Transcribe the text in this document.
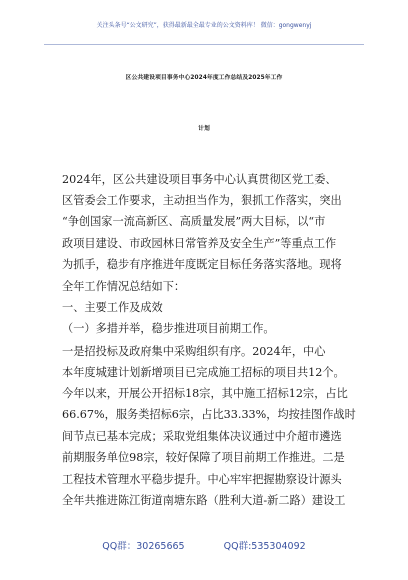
关注头条号“公文研究”，获得最新最全最专业的公文资料库！ 微信：gongwenyj
区公共建设项目事务中心2024年度工作总结及2025年工作
计划
2024年，区公共建设项目事务中心认真贯彻区党工委、
区管委会工作要求，主动担当作为，狠抓工作落实，突出
“争创国家一流高新区、高质量发展”两大目标，以“市
政项目建设、市政园林日常管养及安全生产”等重点工作
为抓手，稳步有序推进年度既定目标任务落实落地。现将
全年工作情况总结如下：
一、主要工作及成效
（一）多措并举，稳步推进项目前期工作。
一是招投标及政府集中采购组织有序。2024年，中心
本年度城建计划新增项目已完成施工招标的项目共12个。
今年以来，开展公开招标18宗，其中施工招标12宗，占比
66.67%，服务类招标6宗，占比33.33%，均按挂图作战时
间节点已基本完成；采取党组集体决议通过中介超市遴选
前期服务单位98宗，较好保障了项目前期工作推进。二是
工程技术管理水平稳步提升。中心牢牢把握勘察设计源头
全年共推进陈江街道南塘东路（胜利大道-新二路）建设工
QQ群：30265665	QQ群:535304092
